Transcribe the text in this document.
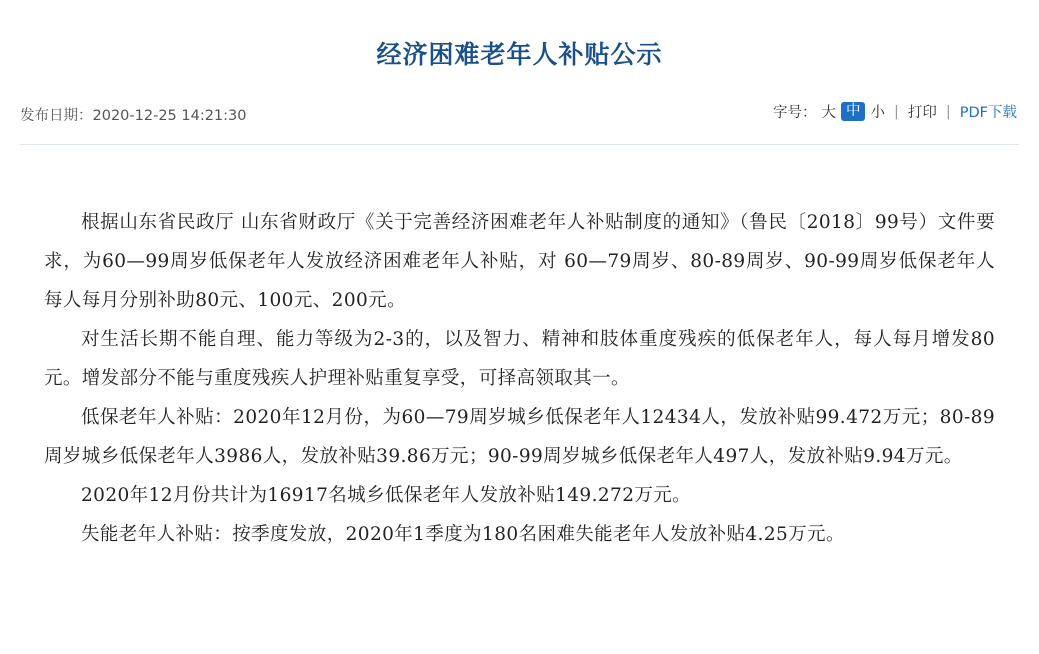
经济困难老年人补贴公示
发布日期：2020-12-25 14:21:30	字号： 大 中 小 | 打印 | PDF下载

根据山东省民政厅 山东省财政厅《关于完善经济困难老年人补贴制度的通知》（鲁民〔2018〕99号）文件要求，为60—99周岁低保老年人发放经济困难老年人补贴，对 60—79周岁、80-89周岁、90-99周岁低保老年人每人每月分别补助80元、100元、200元。

对生活长期不能自理、能力等级为2-3的，以及智力、精神和肢体重度残疾的低保老年人，每人每月增发80元。增发部分不能与重度残疾人护理补贴重复享受，可择高领取其一。

低保老年人补贴：2020年12月份，为60—79周岁城乡低保老年人12434人，发放补贴99.472万元；80-89周岁城乡低保老年人3986人，发放补贴39.86万元；90-99周岁城乡低保老年人497人，发放补贴9.94万元。

2020年12月份共计为16917名城乡低保老年人发放补贴149.272万元。

失能老年人补贴：按季度发放，2020年1季度为180名困难失能老年人发放补贴4.25万元。
